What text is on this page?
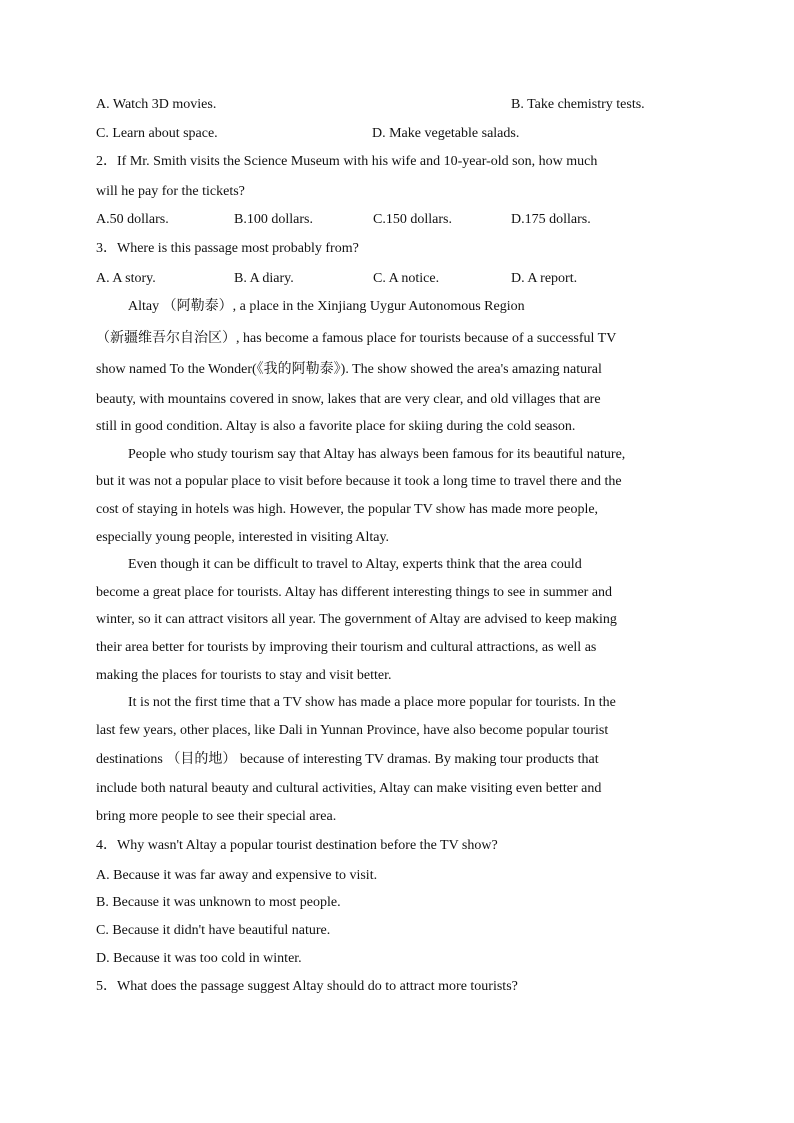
A. Watch 3D movies.	B. Take chemistry tests.
C. Learn about space.	D. Make vegetable salads.
2．If Mr. Smith visits the Science Museum with his wife and 10-year-old son, how much
will he pay for the tickets?
A.50 dollars.	B.100 dollars.	C.150 dollars.	D.175 dollars.
3．Where is this passage most probably from?
A. A story.	B. A diary.	C. A notice.	D. A report.
Altay （阿勒泰）, a place in the Xinjiang Uygur Autonomous Region
（新疆维吾尔自治区）, has become a famous place for tourists because of a successful TV
show named To the Wonder(《我的阿勒泰》). The show showed the area's amazing natural
beauty, with mountains covered in snow, lakes that are very clear, and old villages that are
still in good condition. Altay is also a favorite place for skiing during the cold season.
People who study tourism say that Altay has always been famous for its beautiful nature,
but it was not a popular place to visit before because it took a long time to travel there and the
cost of staying in hotels was high. However, the popular TV show has made more people,
especially young people, interested in visiting Altay.
Even though it can be difficult to travel to Altay, experts think that the area could
become a great place for tourists. Altay has different interesting things to see in summer and
winter, so it can attract visitors all year. The government of Altay are advised to keep making
their area better for tourists by improving their tourism and cultural attractions, as well as
making the places for tourists to stay and visit better.
It is not the first time that a TV show has made a place more popular for tourists. In the
last few years, other places, like Dali in Yunnan Province, have also become popular tourist
destinations （目的地） because of interesting TV dramas. By making tour products that
include both natural beauty and cultural activities, Altay can make visiting even better and
bring more people to see their special area.
4．Why wasn't Altay a popular tourist destination before the TV show?
A. Because it was far away and expensive to visit.
B. Because it was unknown to most people.
C. Because it didn't have beautiful nature.
D. Because it was too cold in winter.
5．What does the passage suggest Altay should do to attract more tourists?
